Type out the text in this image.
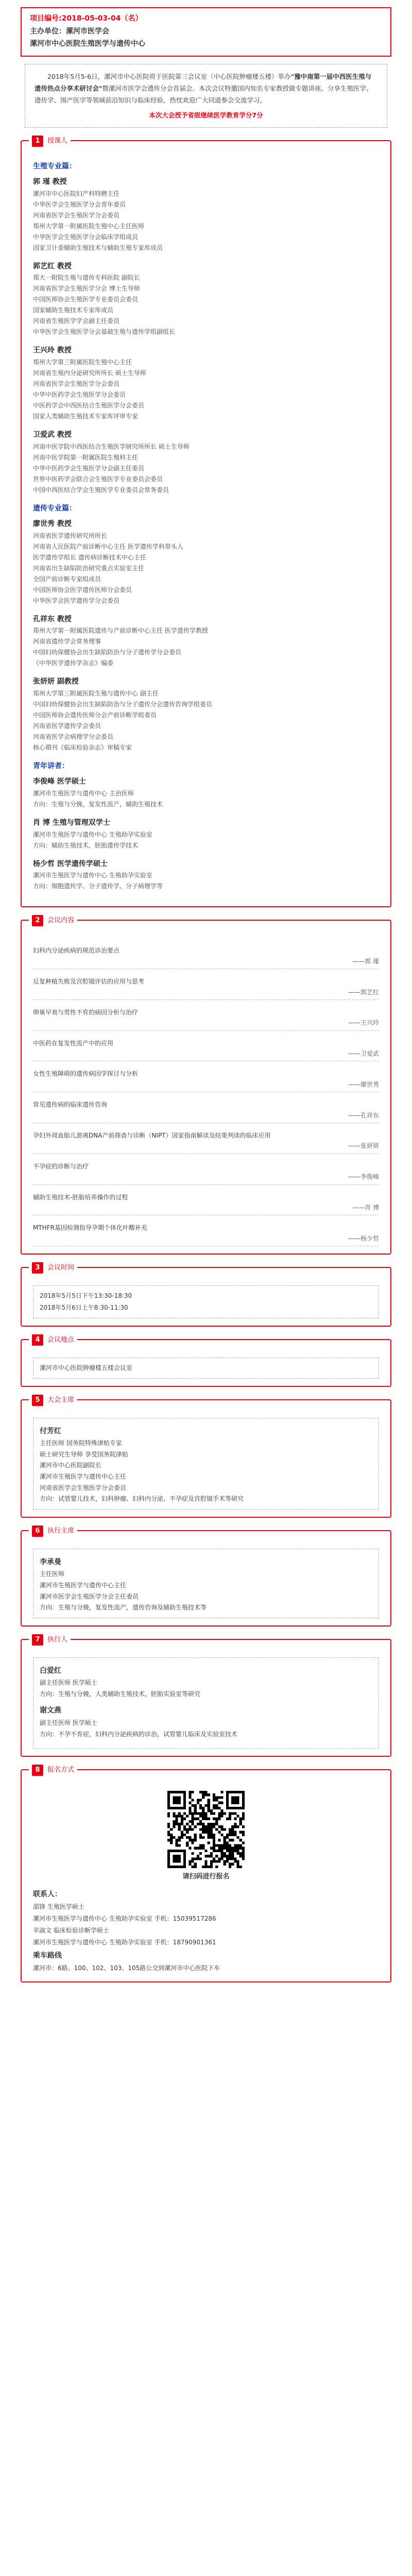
项目编号:2018-05-03-04（名）

主办单位：漯河市医学会

漯河市中心医院生殖医学与遗传中心

2018年5月5-6日，漯河市中心医院将于医院第三会议室（中心医院肿瘤楼五楼）举办"豫中南第一届中西医生殖与遗传热点分享术研讨会"暨漯河市医学会遗传分会首届会。本次会议特邀国内知名专家教授做专题讲座。分享生殖医学、遗传学、围产医学等领域前沿知识与临床经验，热忱欢迎广大同道参会交流学习。
本次大会授予省级继续医学教育学分7分
1	授课人
生殖专业篇：
郭 瑾 教授
漯河市中心医院妇产科特聘主任
中华医学会生殖医学分会青年委员
河南省医学会生殖医学分会委员
郑州大学第一附属医院生殖中心主任医师
中华医学会生殖医学分会临床学组成员
国家卫计委辅助生殖技术与辅助生殖专家库成员
郭艺红 教授
郑大一附院生殖与遗传专科医院 副院长
河南省医学会生殖医学分会 博士生导师
中国医师协会生殖医学专业委员会委员
国家辅助生殖技术专家库成员
河南省生殖医学学会副主任委员
中华医学会生殖医学分会基础生殖与遗传学组副组长
王兴玲 教授
郑州大学第三附属医院生殖中心主任
河南省生殖内分泌研究所所长 硕士生导师
河南省医学会生殖医学分会委员
中华中医药学会生殖医学分会委员
中医药学会中西医结合生殖医学分会委员
国家人类辅助生殖技术专家库评审专家
卫爱武 教授
河南中医学院中西医结合生殖医学研究所所长 硕士生导师
河南中医学院第一附属医院生殖科主任
中华中医药学会生殖医学分会副主任委员
世界中医药学会联合会生殖医学专业委员会委员
中国中西医结合学会生殖医学专业委员会常务委员
遗传专业篇：
廖世秀 教授
河南省医学遗传研究所所长
河南省人民医院产前诊断中心主任 医学遗传学科带头人
医学遗传学组长 遗传病诊断技术中心主任
河南省出生缺陷防治研究重点实验室主任
全国产前诊断专家组成员
中国医师协会医学遗传医师分会委员
中华医学会医学遗传学分会委员
孔祥东 教授
郑州大学第一附属医院遗传与产前诊断中心主任 医学遗传学教授
河南省遗传学会常务理事
中国妇幼保健协会出生缺陷防治与分子遗传学分会委员
《中华医学遗传学杂志》编委
张妍妍 副教授
郑州大学第三附属医院生殖与遗传中心 副主任
中国妇幼保健协会出生缺陷防治与分子遗传分会遗传咨询学组委员
中国医师协会遗传医师分会产前诊断学组委员
河南省医学遗传学会委员
河南省医学会病理学分会委员
核心期刊《临床检验杂志》审稿专家
青年讲者：
李俊峰 医学硕士
漯河市生殖医学与遗传中心 主治医师
方向：生殖与分娩，复发性流产，辅助生殖技术
肖 博 生殖与管理双学士
漯河市生殖医学与遗传中心 生殖助孕实验室
方向：辅助生殖技术，胚胎遗传学技术
杨少哲 医学遗传学硕士
漯河市生殖医学与遗传中心 生殖助孕实验室
方向：细胞遗传学、分子遗传学、分子病理学等
2	会议内容
妇科内分泌疾病的规范诊治要点
——郭 瑾
反复种植失败及宫腔镜评估的应用与思考
——郭艺红
卵巢早衰与男性不育的病因分析与治疗
——王兴玲
中医药在复发性流产中的应用
——卫爱武
女性生殖障碍的遗传病因学探讨与分析
——廖世秀
常见遗传病的临床遗传咨询
——孔祥东
孕妇外周血胎儿游离DNA产前筛查与诊断（NIPT）国家指南解读及结果判读的临床应用
——张妍妍
不孕症的诊断与治疗
——李俊峰
辅助生殖技术-胚胎培养操作的过程
——肖 博
MTHFR基因检测指导孕期个体化叶酸补充
——杨少哲
3	会议时间
2018年5月5日下午13:30-18:30
2018年5月6日上午8:30-11:30
4	会议地点
漯河市中心医院肿瘤楼五楼会议室
5	大会主席
付芳红
主任医师 国务院特殊津贴专家
硕士研究生导师 享受国务院津贴
漯河市中心医院副院长
漯河市生殖医学与遗传中心主任
河南省医学会生殖医学分会委员
方向：试管婴儿技术，妇科肿瘤、妇科内分泌、不孕症及宫腔镜手术等研究
6	执行主席
李承曼
主任医师
漯河市生殖医学与遗传中心主任
漯河市医学会生殖医学分会主任委员
方向：生殖与分娩，复发性流产，遗传咨询及辅助生殖技术等
7	执行人
白爱红
副主任医师 医学硕士
方向：生殖与分娩，人类辅助生殖技术，胚胎实验室等研究
谢文燕
副主任医师 医学硕士
方向：不孕不育症，妇科内分泌疾病的诊治，试管婴儿临床及实验室技术
8	报名方式
请扫码进行报名
联系人：
邵锋 生殖医学硕士
漯河市生殖医学与遗传中心 生殖助孕实验室 手机：15039517286
辛淑文 临床检验诊断学硕士
漯河市生殖医学与遗传中心 生殖助孕实验室 手机：18790901361
乘车路线
漯河市：6路、100、102、103、105路公交到漯河市中心医院下车
